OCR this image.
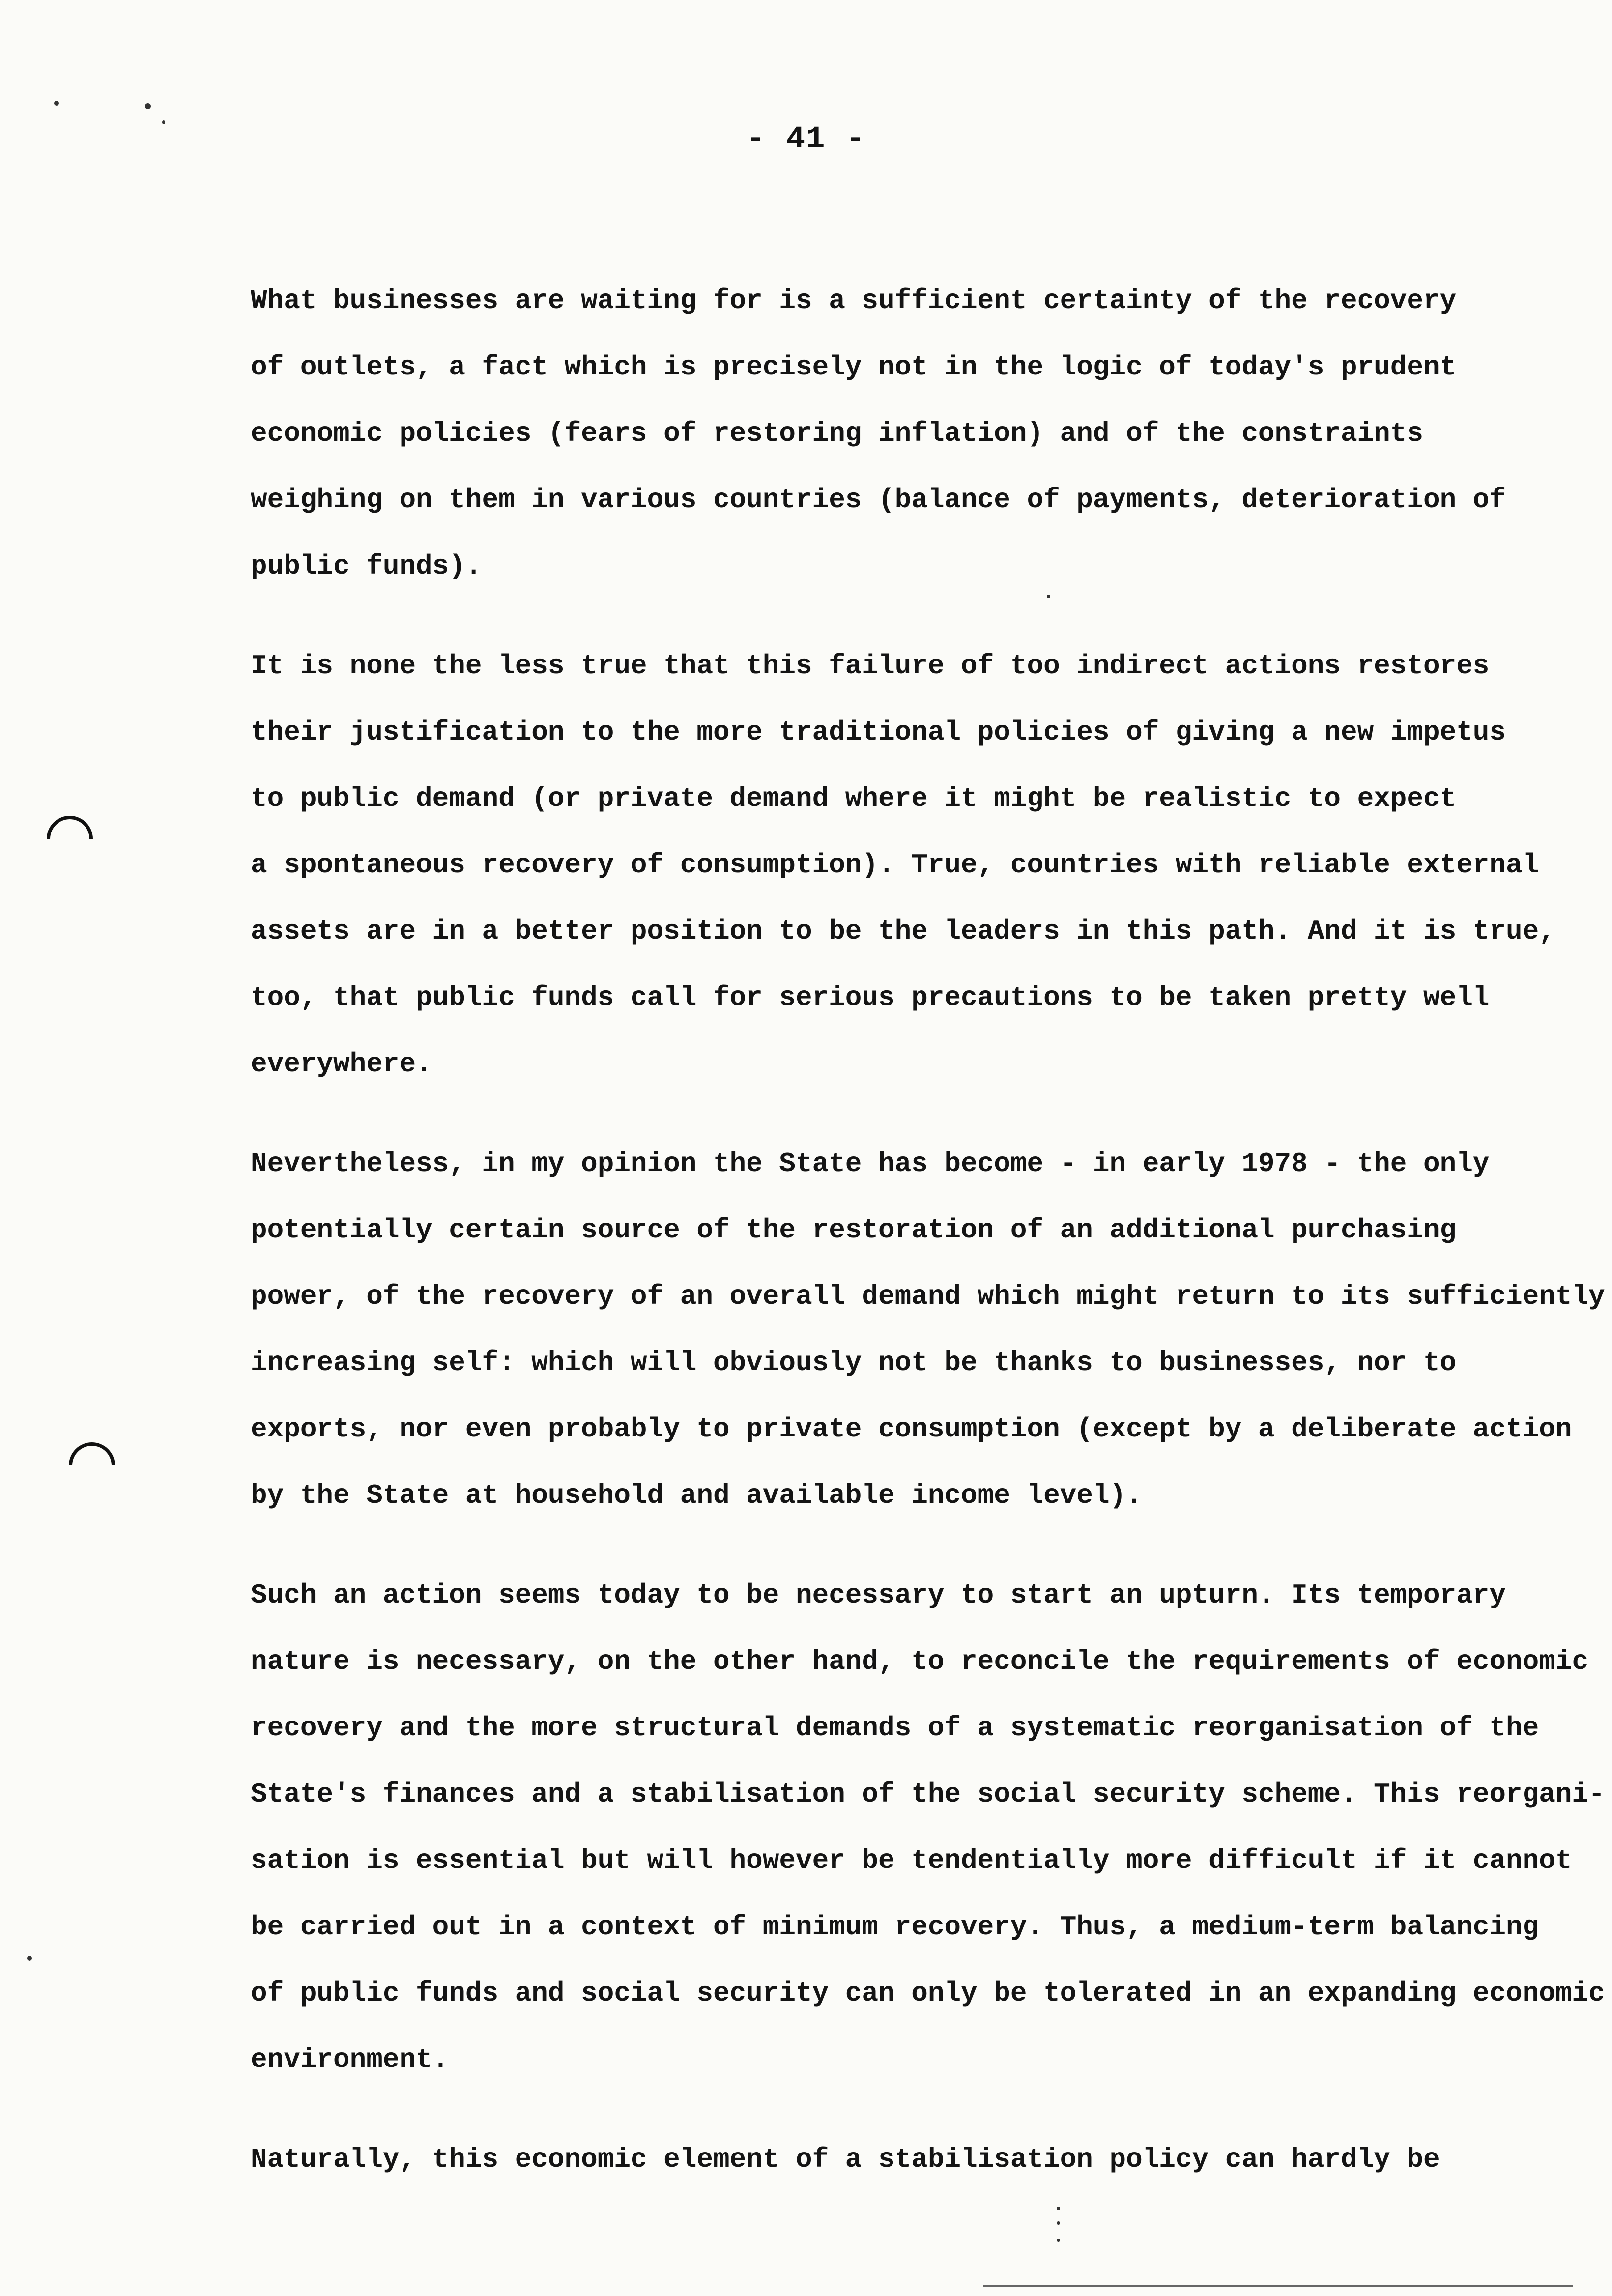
- 41 -
What businesses are waiting for is a sufficient certainty of the recovery
of outlets, a fact which is precisely not in the logic of today's prudent
economic policies (fears of restoring inflation) and of the constraints
weighing on them in various countries (balance of payments, deterioration of
public funds).
It is none the less true that this failure of too indirect actions restores
their justification to the more traditional policies of giving a new impetus
to public demand (or private demand where it might be realistic to expect
a spontaneous recovery of consumption). True, countries with reliable external
assets are in a better position to be the leaders in this path. And it is true,
too, that public funds call for serious precautions to be taken pretty well
everywhere.
Nevertheless, in my opinion the State has become - in early 1978 - the only
potentially certain source of the restoration of an additional purchasing
power, of the recovery of an overall demand which might return to its sufficiently
increasing self: which will obviously not be thanks to businesses, nor to
exports, nor even probably to private consumption (except by a deliberate action
by the State at household and available income level).
Such an action seems today to be necessary to start an upturn. Its temporary
nature is necessary, on the other hand, to reconcile the requirements of economic
recovery and the more structural demands of a systematic reorganisation of the
State's finances and a stabilisation of the social security scheme. This reorgani-
sation is essential but will however be tendentially more difficult if it cannot
be carried out in a context of minimum recovery. Thus, a medium-term balancing
of public funds and social security can only be tolerated in an expanding economic
environment.
Naturally, this economic element of a stabilisation policy can hardly be
